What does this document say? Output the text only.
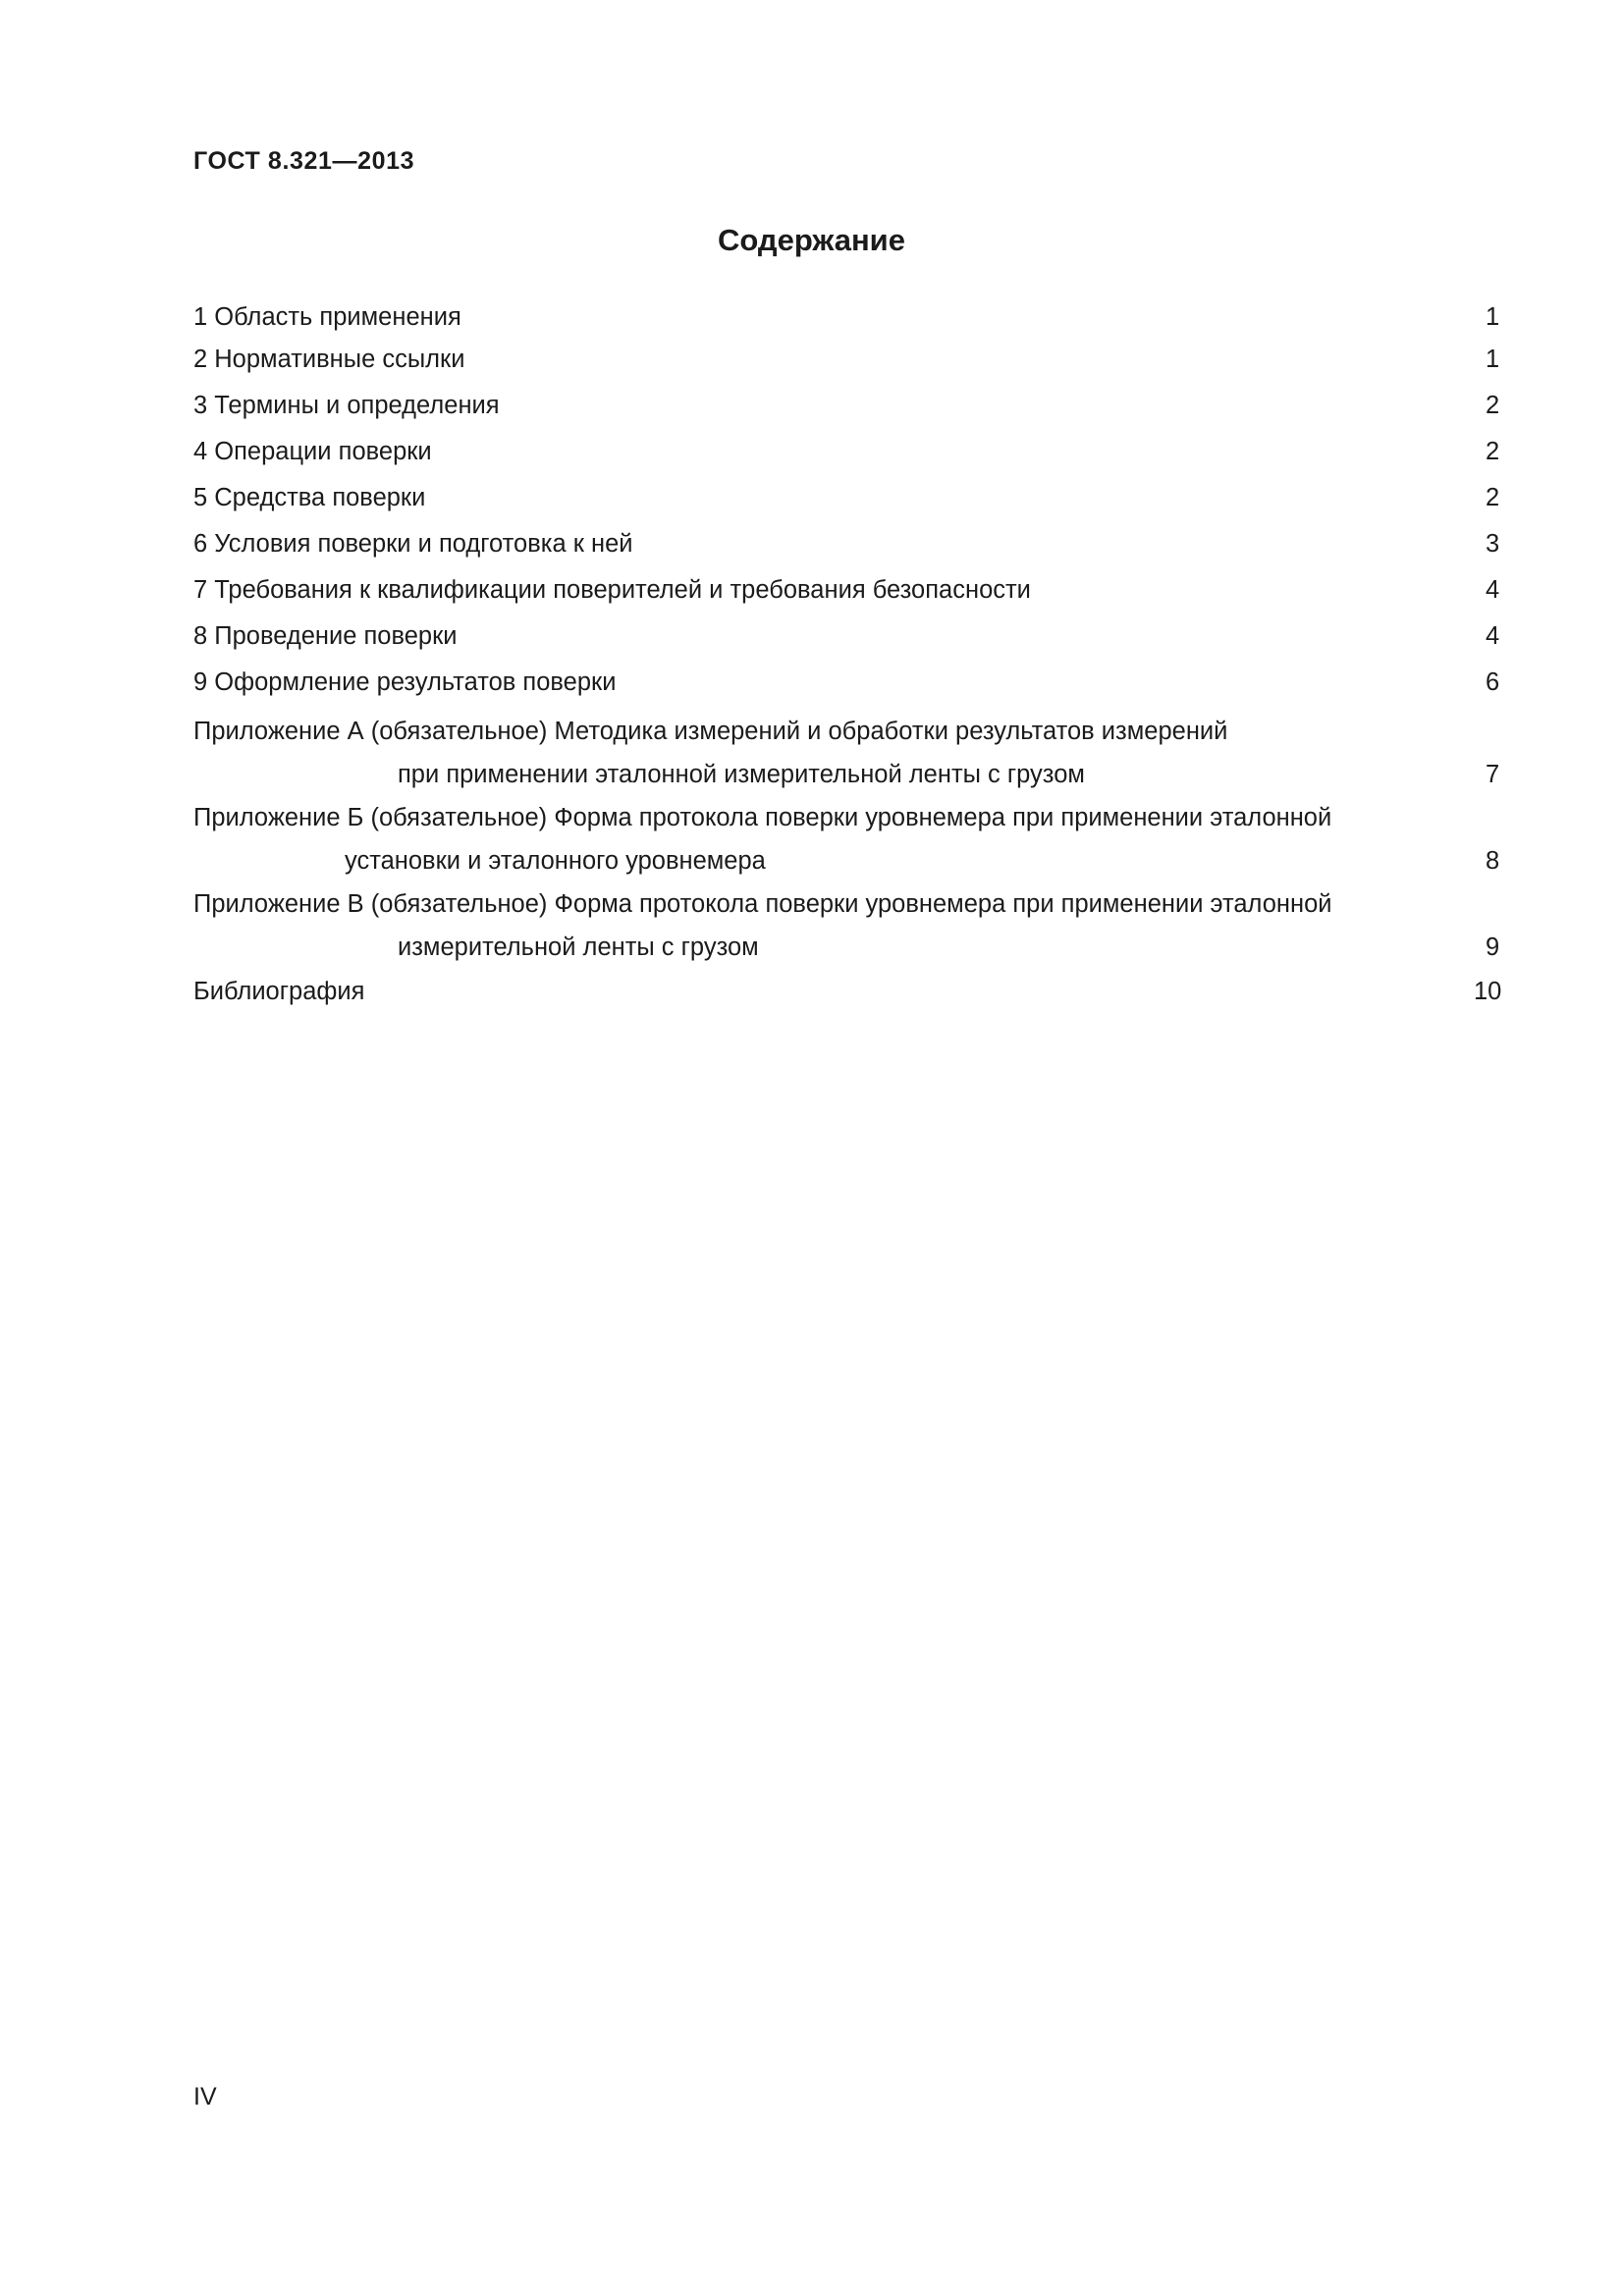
ГОСТ 8.321—2013

Содержание
1 Область применения . . .	1
2 Нормативные ссылки . . .	1
3 Термины и определения . . .	2
4 Операции поверки . . .	2
5 Средства поверки . . .	2
6 Условия поверки и подготовка к ней . . .	3
7 Требования к квалификации поверителей и требования безопасности . . .	4
8 Проведение поверки . . .	4
9 Оформление результатов поверки . . .	6
Приложение А (обязательное) Методика измерений и обработки результатов измерений
при применении эталонной измерительной ленты с грузом . . .	7
Приложение Б (обязательное) Форма протокола поверки уровнемера при применении эталонной
установки и эталонного уровнемера . . .	8
Приложение В (обязательное) Форма протокола поверки уровнемера при применении эталонной
измерительной ленты с грузом . . .	9
Библиография . . .	10

IV
